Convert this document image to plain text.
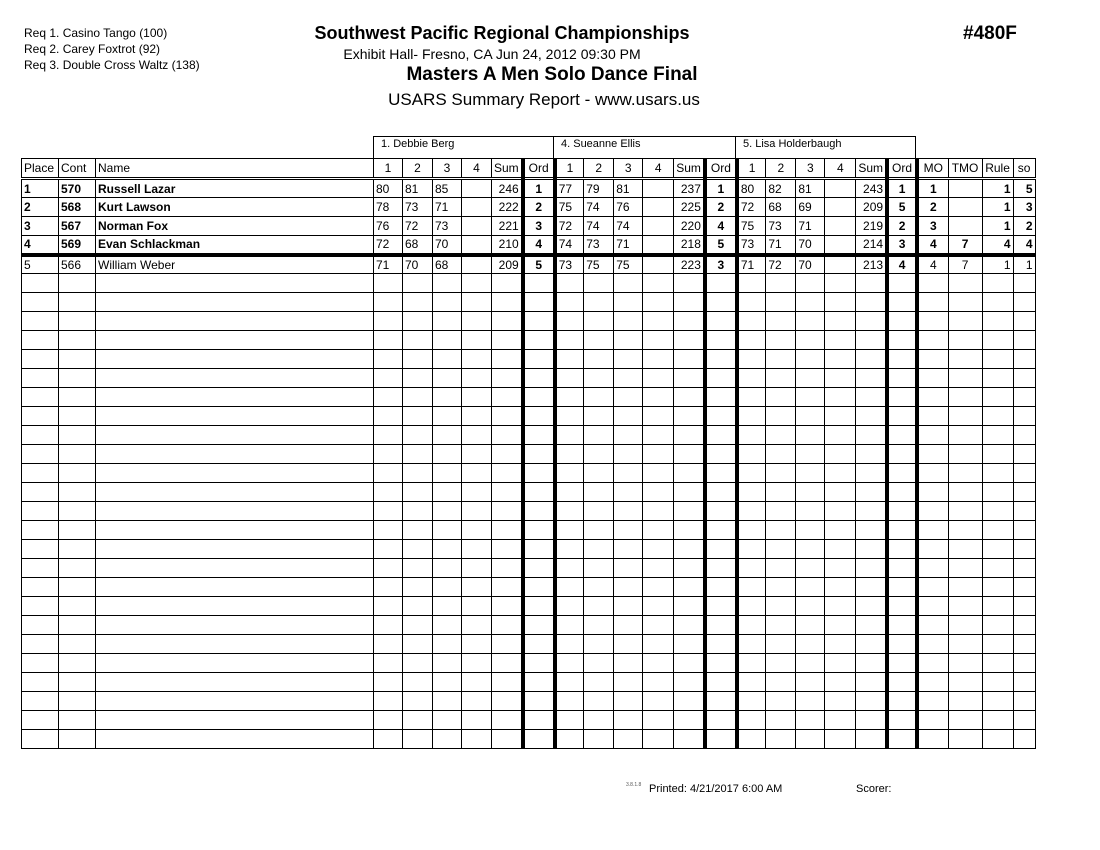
Req 1. Casino Tango (100)
Req 2. Carey Foxtrot (92)
Req 3. Double Cross Waltz (138)
Southwest Pacific Regional Championships
Exhibit Hall- Fresno, CA Jun 24, 2012 09:30 PM
Masters A Men Solo Dance Final
USARS Summary Report - www.usars.us
#480F
1. Debbie Berg	4. Sueanne Ellis	5. Lisa Holderbaugh
Place	Cont	Name	1	2	3	4	Sum	Ord	1	2	3	4	Sum	Ord	1	2	3	4	Sum	Ord	MO	TMO	Rule	so
1	570	Russell Lazar	80	81	85		246	1	77	79	81		237	1	80	82	81		243	1	1		1	5
2	568	Kurt Lawson	78	73	71		222	2	75	74	76		225	2	72	68	69		209	5	2		1	3
3	567	Norman Fox	76	72	73		221	3	72	74	74		220	4	75	73	71		219	2	3		1	2
4	569	Evan Schlackman	72	68	70		210	4	74	73	71		218	5	73	71	70		214	3	4	7	4	4
5	566	William Weber	71	70	68		209	5	73	75	75		223	3	71	72	70		213	4	4	7	1	1

3.8.1.8 Printed: 4/21/2017 6:00 AM	Scorer:
